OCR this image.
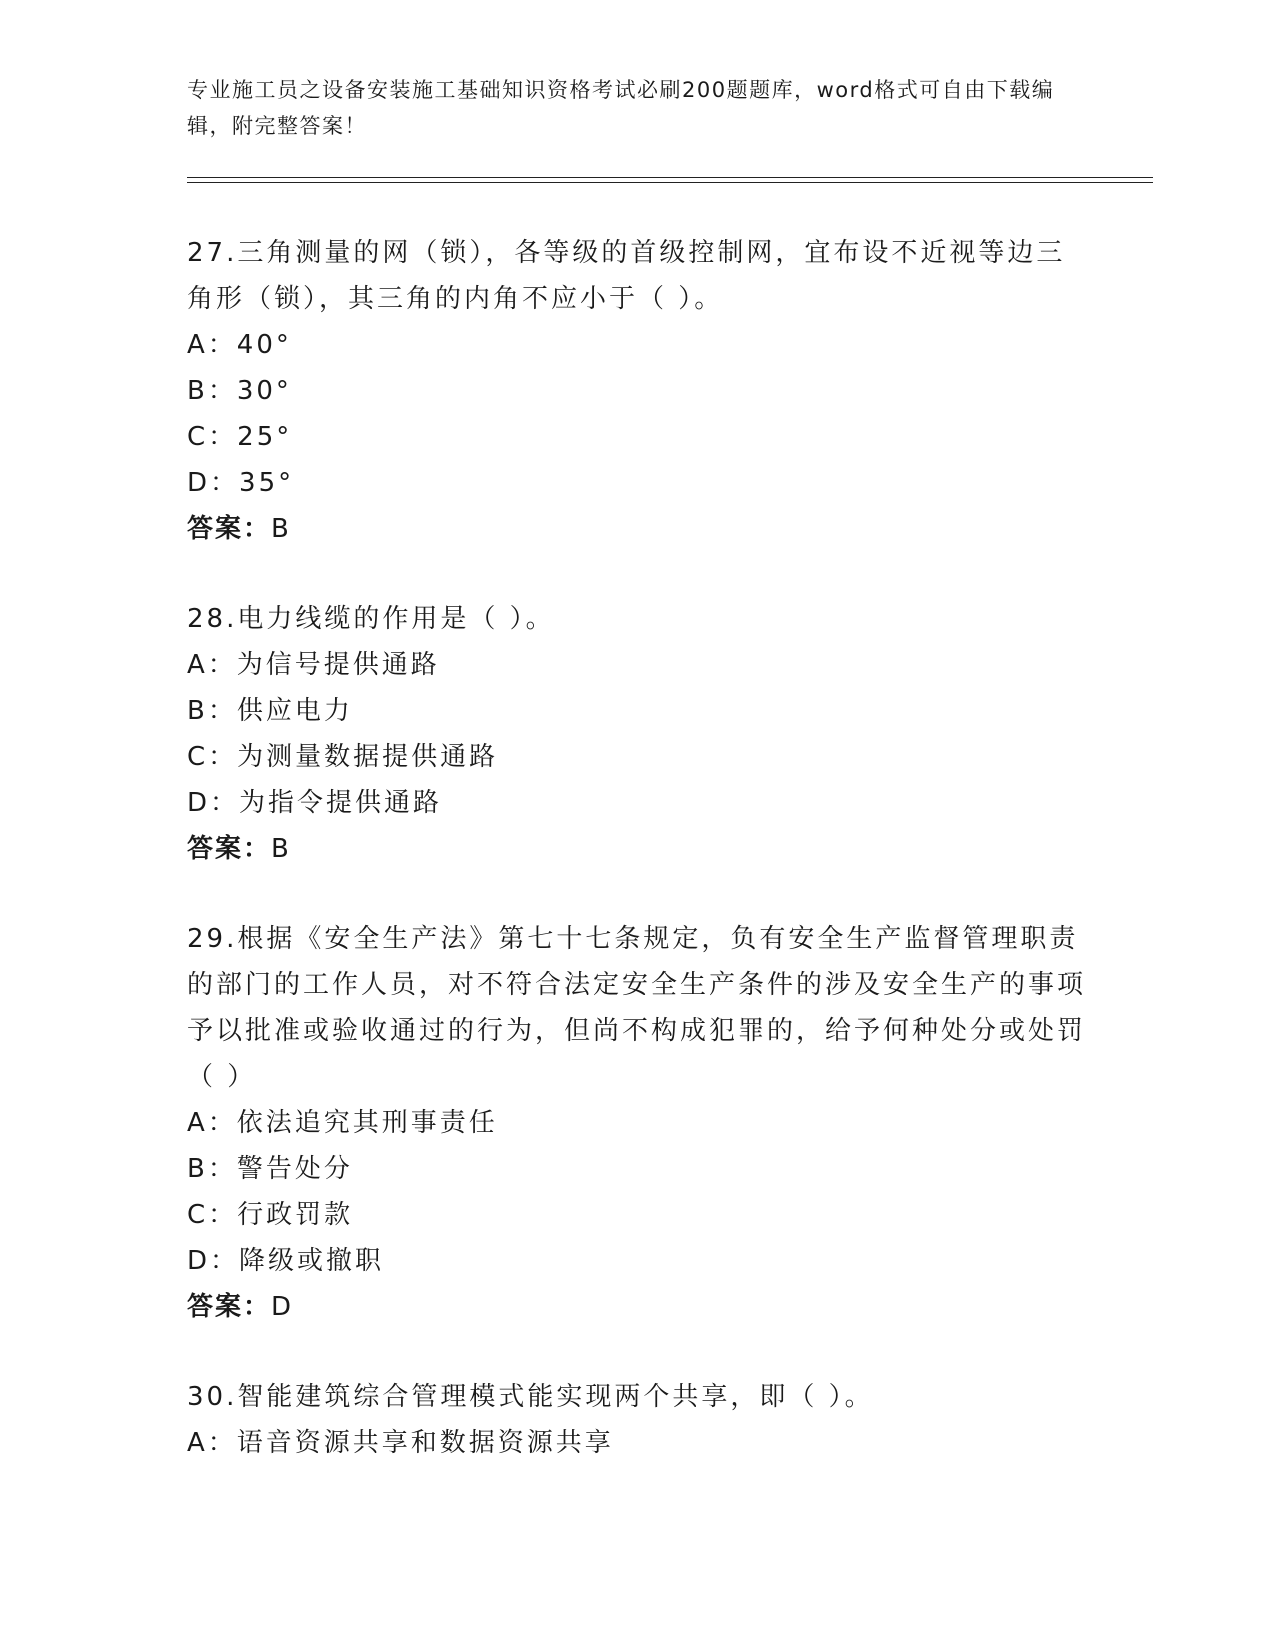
专业施工员之设备安装施工基础知识资格考试必刷200题题库，word格式可自由下载编辑，附完整答案！
27.三角测量的网（锁），各等级的首级控制网，宜布设不近视等边三角形（锁），其三角的内角不应小于（ ）。
A：40°
B：30°
C：25°
D：35°
答案：B
28.电力线缆的作用是（ ）。
A：为信号提供通路
B：供应电力
C：为测量数据提供通路
D：为指令提供通路
答案：B
29.根据《安全生产法》第七十七条规定，负有安全生产监督管理职责的部门的工作人员，对不符合法定安全生产条件的涉及安全生产的事项予以批准或验收通过的行为，但尚不构成犯罪的，给予何种处分或处罚（ ）
A：依法追究其刑事责任
B：警告处分
C：行政罚款
D：降级或撤职
答案：D
30.智能建筑综合管理模式能实现两个共享，即（ ）。
A：语音资源共享和数据资源共享
